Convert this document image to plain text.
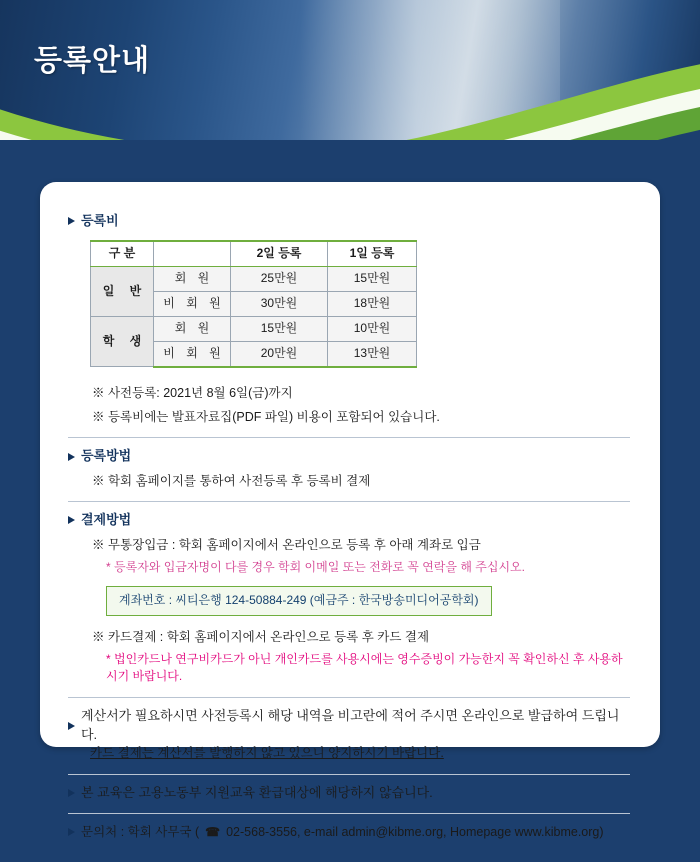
등록안내
등록비
구 분		2일 등록	1일 등록
일 반	회 원	25만원	15만원
	비 회 원	30만원	18만원
학 생	회 원	15만원	10만원
	비 회 원	20만원	13만원
※ 사전등록: 2021년 8월 6일(금)까지
※ 등록비에는 발표자료집(PDF 파일) 비용이 포함되어 있습니다.
등록방법
※ 학회 홈페이지를 통하여 사전등록 후 등록비 결제
결제방법
※ 무통장입금 : 학회 홈페이지에서 온라인으로 등록 후 아래 계좌로 입금
* 등록자와 입금자명이 다를 경우 학회 이메일 또는 전화로 꼭 연락을 해 주십시오.
계좌번호 : 씨티은행 124-50884-249 (예금주 : 한국방송미디어공학회)
※ 카드결제 : 학회 홈페이지에서 온라인으로 등록 후 카드 결제
* 법인카드나 연구비카드가 아닌 개인카드를 사용시에는 영수증빙이 가능한지 꼭 확인하신 후 사용하시기 바랍니다.
계산서가 필요하시면 사전등록시 해당 내역을 비고란에 적어 주시면 온라인으로 발급하여 드립니다.
카드 결제는 계산서를 발행하지 않고 있으니 양지하시기 바랍니다.
본 교육은 고용노동부 지원교육 환급대상에 해당하지 않습니다.
문의처 : 학회 사무국 ( ☎ 02-568-3556, e-mail admin@kibme.org, Homepage www.kibme.org)
